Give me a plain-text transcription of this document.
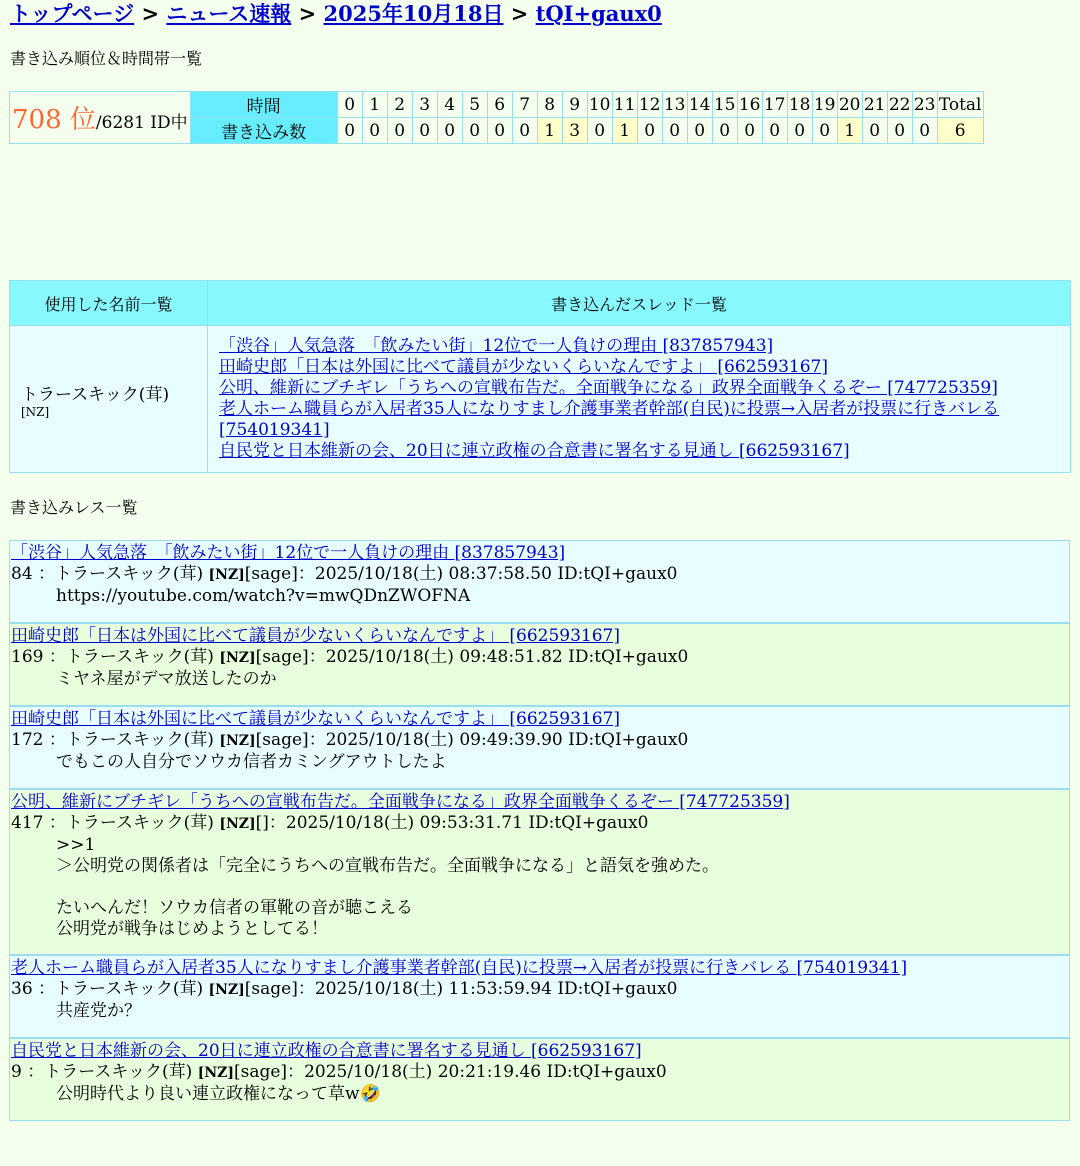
トップページ > ニュース速報 > 2025年10月18日 > tQI+gaux0
書き込み順位＆時間帯一覧
708 位/6281 ID中	時間	0	1	2	3	4	5	6	7	8	9	10	11	12	13	14	15	16	17	18	19	20	21	22	23	Total
	書き込み数	0	0	0	0	0	0	0	0	1	3	0	1	0	0	0	0	0	0	0	0	1	0	0	0	6
使用した名前一覧	書き込んだスレッド一覧
トラースキック(茸)
[NZ]	「渋谷」人気急落　「飲みたい街」12位で一人負けの理由 [837857943]
田崎史郎「日本は外国に比べて議員が少ないくらいなんですよ」 [662593167]
公明、維新にブチギレ「うちへの宣戦布告だ。全面戦争になる」政界全面戦争くるぞー [747725359]
老人ホーム職員らが入居者35人になりすまし介護事業者幹部(自民)に投票→入居者が投票に行きバレる [754019341]
自民党と日本維新の会、20日に連立政権の合意書に署名する見通し [662593167]
書き込みレス一覧
「渋谷」人気急落　「飲みたい街」12位で一人負けの理由 [837857943]
84 ：トラースキック(茸) [NZ][sage]：2025/10/18(土) 08:37:58.50 ID:tQI+gaux0
https://youtube.com/watch?v=mwQDnZWOFNA
田崎史郎「日本は外国に比べて議員が少ないくらいなんですよ」 [662593167]
169 ：トラースキック(茸) [NZ][sage]：2025/10/18(土) 09:48:51.82 ID:tQI+gaux0
ミヤネ屋がデマ放送したのか
田崎史郎「日本は外国に比べて議員が少ないくらいなんですよ」 [662593167]
172 ：トラースキック(茸) [NZ][sage]：2025/10/18(土) 09:49:39.90 ID:tQI+gaux0
でもこの人自分でソウカ信者カミングアウトしたよ
公明、維新にブチギレ「うちへの宣戦布告だ。全面戦争になる」政界全面戦争くるぞー [747725359]
417 ：トラースキック(茸) [NZ][]：2025/10/18(土) 09:53:31.71 ID:tQI+gaux0
>>1
＞公明党の関係者は「完全にうちへの宣戦布告だ。全面戦争になる」と語気を強めた。

たいへんだ！ソウカ信者の軍靴の音が聴こえる
公明党が戦争はじめようとしてる！
老人ホーム職員らが入居者35人になりすまし介護事業者幹部(自民)に投票→入居者が投票に行きバレる [754019341]
36 ：トラースキック(茸) [NZ][sage]：2025/10/18(土) 11:53:59.94 ID:tQI+gaux0
共産党か？
自民党と日本維新の会、20日に連立政権の合意書に署名する見通し [662593167]
9 ：トラースキック(茸) [NZ][sage]：2025/10/18(土) 20:21:19.46 ID:tQI+gaux0
公明時代より良い連立政権になって草w🤣
